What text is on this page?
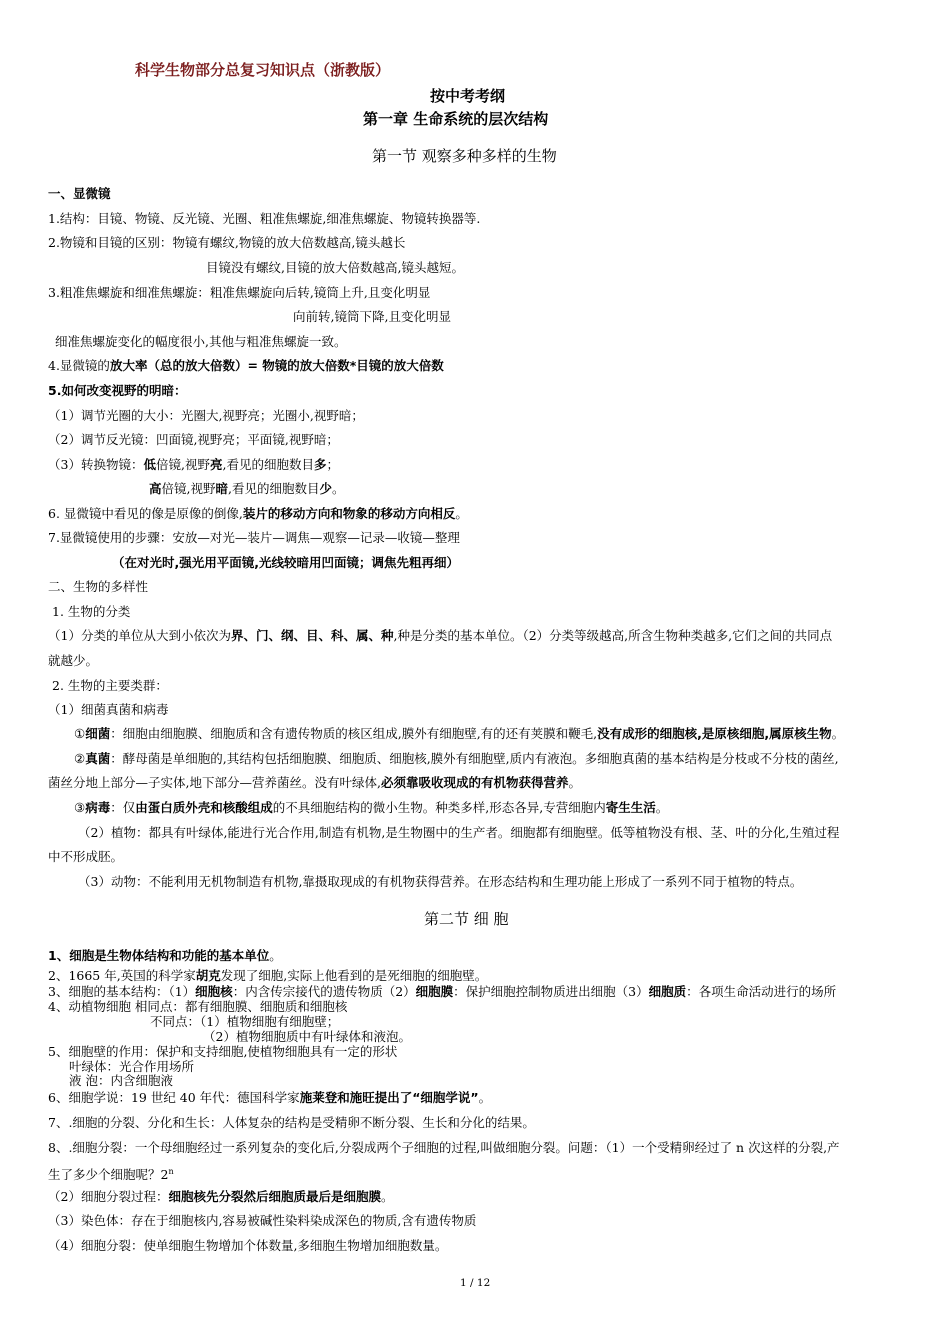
科学生物部分总复习知识点（浙教版）
按中考考纲
第一章 生命系统的层次结构
第一节 观察多种多样的生物
一、显微镜
1.结构：目镜、物镜、反光镜、光圈、粗准焦螺旋,细准焦螺旋、物镜转换器等.
2.物镜和目镜的区别：物镜有螺纹,物镜的放大倍数越高,镜头越长
目镜没有螺纹,目镜的放大倍数越高,镜头越短。
3.粗准焦螺旋和细准焦螺旋：粗准焦螺旋向后转,镜筒上升,且变化明显
向前转,镜筒下降,且变化明显
细准焦螺旋变化的幅度很小,其他与粗准焦螺旋一致。
4.显微镜的放大率（总的放大倍数）= 物镜的放大倍数*目镜的放大倍数
5.如何改变视野的明暗：
（1）调节光圈的大小：光圈大,视野亮；光圈小,视野暗；
（2）调节反光镜：凹面镜,视野亮；平面镜,视野暗；
（3）转换物镜：低倍镜,视野亮,看见的细胞数目多；
高倍镜,视野暗,看见的细胞数目少。
6. 显微镜中看见的像是原像的倒像,装片的移动方向和物象的移动方向相反。
7.显微镜使用的步骤：安放—对光—装片—调焦—观察—记录—收镜—整理
（在对光时,强光用平面镜,光线较暗用凹面镜；调焦先粗再细）
二、生物的多样性
1. 生物的分类
（1）分类的单位从大到小依次为界、门、纲、目、科、属、种,种是分类的基本单位。（2）分类等级越高,所含生物种类越多,它们之间的共同点
就越少。
2. 生物的主要类群：
（1）细菌真菌和病毒
①细菌：细胞由细胞膜、细胞质和含有遗传物质的核区组成,膜外有细胞壁,有的还有荚膜和鞭毛,没有成形的细胞核,是原核细胞,属原核生物。
②真菌：酵母菌是单细胞的,其结构包括细胞膜、细胞质、细胞核,膜外有细胞壁,质内有液泡。多细胞真菌的基本结构是分枝或不分枝的菌丝,
菌丝分地上部分—子实体,地下部分—营养菌丝。没有叶绿体,必须靠吸收现成的有机物获得营养。
③病毒：仅由蛋白质外壳和核酸组成的不具细胞结构的微小生物。种类多样,形态各异,专营细胞内寄生生活。
（2）植物：都具有叶绿体,能进行光合作用,制造有机物,是生物圈中的生产者。细胞都有细胞壁。低等植物没有根、茎、叶的分化,生殖过程
中不形成胚。
（3）动物：不能利用无机物制造有机物,靠摄取现成的有机物获得营养。在形态结构和生理功能上形成了一系列不同于植物的特点。
第二节 细 胞
1、细胞是生物体结构和功能的基本单位。
2、1665 年,英国的科学家胡克发现了细胞,实际上他看到的是死细胞的细胞壁。
3、细胞的基本结构：（1）细胞核：内含传宗接代的遗传物质（2）细胞膜：保护细胞控制物质进出细胞（3）细胞质：各项生命活动进行的场所
4、动植物细胞 相同点：都有细胞膜、细胞质和细胞核
不同点：（1）植物细胞有细胞壁；
（2）植物细胞质中有叶绿体和液泡。
5、细胞壁的作用：保护和支持细胞,使植物细胞具有一定的形状
叶绿体：光合作用场所
液 泡：内含细胞液
6、细胞学说：19 世纪 40 年代：德国科学家施莱登和施旺提出了“细胞学说”。
7、.细胞的分裂、分化和生长：人体复杂的结构是受精卵不断分裂、生长和分化的结果。
8、.细胞分裂：一个母细胞经过一系列复杂的变化后,分裂成两个子细胞的过程,叫做细胞分裂。问题：（1）一个受精卵经过了 n 次这样的分裂,产
生了多少个细胞呢？2$^n$
（2）细胞分裂过程：细胞核先分裂然后细胞质最后是细胞膜。
（3）染色体：存在于细胞核内,容易被碱性染料染成深色的物质,含有遗传物质
（4）细胞分裂：使单细胞生物增加个体数量,多细胞生物增加细胞数量。
1 / 12
